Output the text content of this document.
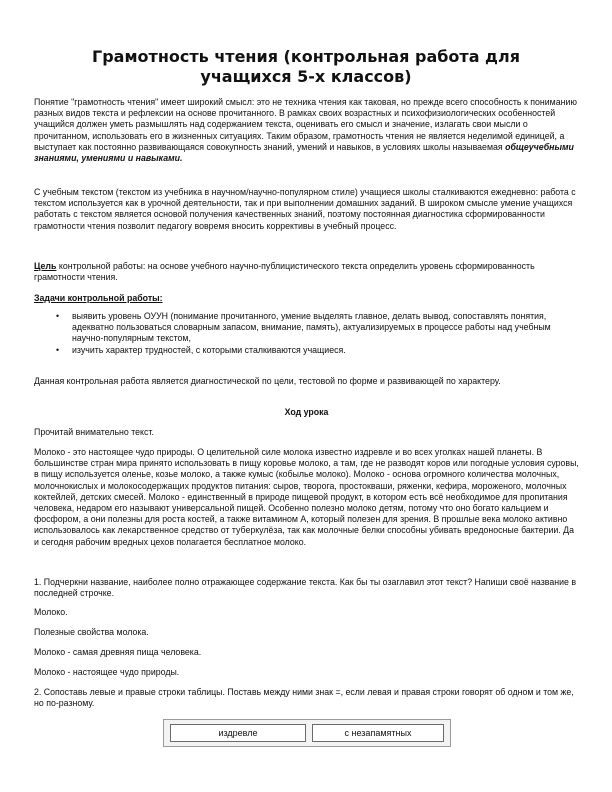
Грамотность чтения (контрольная работа для учащихся 5-х классов)
Понятие "грамотность чтения" имеет широкий смысл: это не техника чтения как таковая, но прежде всего способность к пониманию разных видов текста и рефлексии на основе прочитанного. В рамках своих возрастных и психофизиологических особенностей учащийся должен уметь размышлять над содержанием текста, оценивать его смысл и значение, излагать свои мысли о прочитанном, использовать его в жизненных ситуациях. Таким образом, грамотность чтения не является неделимой единицей, а выступает как постоянно развивающаяся совокупность знаний, умений и навыков, в условиях школы называемая общеучебными знаниями, умениями и навыками.
С учебным текстом (текстом из учебника в научном/научно-популярном стиле) учащиеся школы сталкиваются ежедневно: работа с текстом используется как в урочной деятельности, так и при выполнении домашних заданий. В широком смысле умение учащихся работать с текстом является основой получения качественных знаний, поэтому постоянная диагностика сформированности грамотности чтения позволит педагогу вовремя вносить коррективы в учебный процесс.
Цель контрольной работы: на основе учебного научно-публицистического текста определить уровень сформированность грамотности чтения.
Задачи контрольной работы:
• выявить уровень ОУУН (понимание прочитанного, умение выделять главное, делать вывод, сопоставлять понятия, адекватно пользоваться словарным запасом, внимание, память), актуализируемых в процессе работы над учебным научно-популярным текстом,
• изучить характер трудностей, с которыми сталкиваются учащиеся.
Данная контрольная работа является диагностической по цели, тестовой по форме и развивающей по характеру.
Ход урока
Прочитай внимательно текст.
Молоко - это настоящее чудо природы. О целительной силе молока известно издревле и во всех уголках нашей планеты. В большинстве стран мира принято использовать в пищу коровье молоко, а там, где не разводят коров или погодные условия суровы, в пищу используется оленье, козье молоко, а также кумыс (кобылье молоко). Молоко - основа огромного количества молочных, молочнокислых и молокосодержащих продуктов питания: сыров, творога, простокваши, ряженки, кефира, мороженого, молочных коктейлей, детских смесей. Молоко - единственный в природе пищевой продукт, в котором есть всё необходимое для пропитания человека, недаром его называют универсальной пищей. Особенно полезно молоко детям, потому что оно богато кальцием и фосфором, а они полезны для роста костей, а также витамином А, который полезен для зрения. В прошлые века молоко активно использовалось как лекарственное средство от туберкулёза, так как молочные белки способны убивать вредоносные бактерии. Да и сегодня рабочим вредных цехов полагается бесплатное молоко.
1. Подчеркни название, наиболее полно отражающее содержание текста. Как бы ты озаглавил этот текст? Напиши своё название в последней строчке.
Молоко.
Полезные свойства молока.
Молоко - самая древняя пища человека.
Молоко - настоящее чудо природы.
2. Сопоставь левые и правые строки таблицы. Поставь между ними знак =, если левая и правая строки говорят об одном и том же, но по-разному.
издревле	с незапамятных
